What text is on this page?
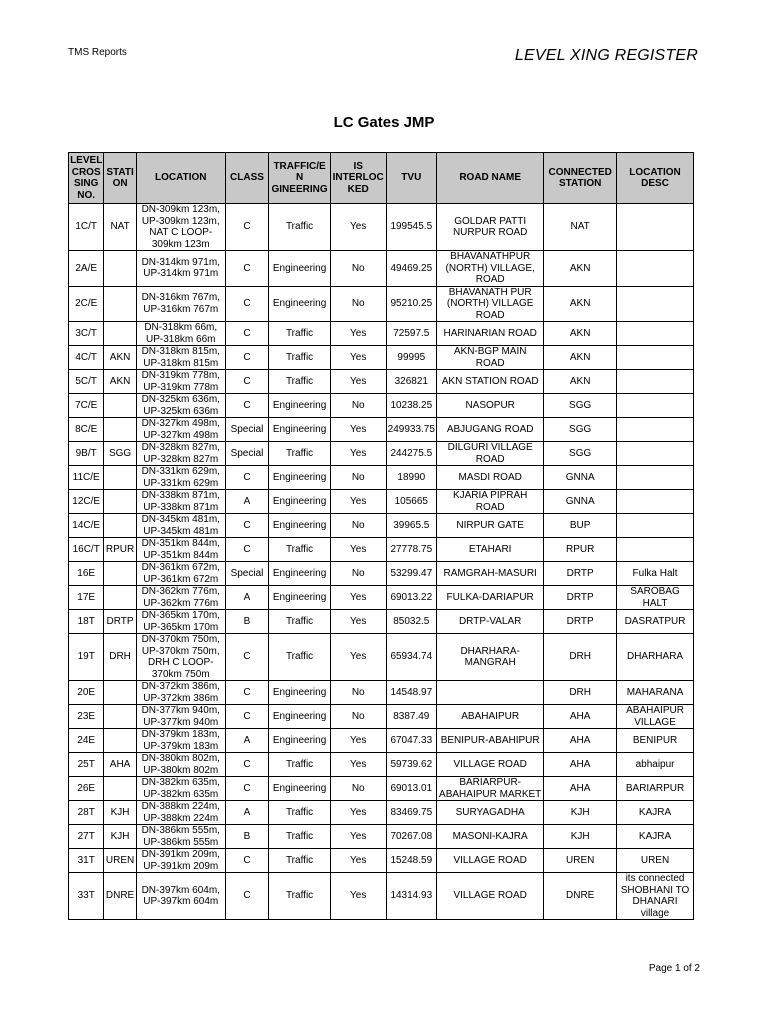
TMS Reports	LEVEL XING REGISTER
LC Gates JMP
LEVEL CROS SING NO.	STATI ON	LOCATION	CLASS	TRAFFIC/EN GINEERING	IS INTERLOC KED	TVU	ROAD NAME	CONNECTED STATION	LOCATION DESC
1C/T	NAT	DN-309km 123m, UP-309km 123m, NAT C LOOP-309km 123m	C	Traffic	Yes	199545.5	GOLDAR PATTI NURPUR ROAD	NAT	
2A/E		DN-314km 971m, UP-314km 971m	C	Engineering	No	49469.25	BHAVANATHPUR (NORTH) VILLAGE, ROAD	AKN	
2C/E		DN-316km 767m, UP-316km 767m	C	Engineering	No	95210.25	BHAVANATH PUR (NORTH) VILLAGE ROAD	AKN	
3C/T		DN-318km 66m, UP-318km 66m	C	Traffic	Yes	72597.5	HARINARIAN ROAD	AKN	
4C/T	AKN	DN-318km 815m, UP-318km 815m	C	Traffic	Yes	99995	AKN-BGP MAIN ROAD	AKN	
5C/T	AKN	DN-319km 778m, UP-319km 778m	C	Traffic	Yes	326821	AKN STATION ROAD	AKN	
7C/E		DN-325km 636m, UP-325km 636m	C	Engineering	No	10238.25	NASOPUR	SGG	
8C/E		DN-327km 498m, UP-327km 498m	Special	Engineering	Yes	249933.75	ABJUGANG ROAD	SGG	
9B/T	SGG	DN-328km 827m, UP-328km 827m	Special	Traffic	Yes	244275.5	DILGURI VILLAGE ROAD	SGG	
11C/E		DN-331km 629m, UP-331km 629m	C	Engineering	No	18990	MASDI ROAD	GNNA	
12C/E		DN-338km 871m, UP-338km 871m	A	Engineering	Yes	105665	KJARIA PIPRAH ROAD	GNNA	
14C/E		DN-345km 481m, UP-345km 481m	C	Engineering	No	39965.5	NIRPUR GATE	BUP	
16C/T	RPUR	DN-351km 844m, UP-351km 844m	C	Traffic	Yes	27778.75	ETAHARI	RPUR	
16E		DN-361km 672m, UP-361km 672m	Special	Engineering	No	53299.47	RAMGRAH-MASURI	DRTP	Fulka Halt
17E		DN-362km 776m, UP-362km 776m	A	Engineering	Yes	69013.22	FULKA-DARIAPUR	DRTP	SAROBAG HALT
18T	DRTP	DN-365km 170m, UP-365km 170m	B	Traffic	Yes	85032.5	DRTP-VALAR	DRTP	DASRATPUR
19T	DRH	DN-370km 750m, UP-370km 750m, DRH C LOOP-370km 750m	C	Traffic	Yes	65934.74	DHARHARA-MANGRAH	DRH	DHARHARA
20E		DN-372km 386m, UP-372km 386m	C	Engineering	No	14548.97		DRH	MAHARANA
23E		DN-377km 940m, UP-377km 940m	C	Engineering	No	8387.49	ABAHAIPUR	AHA	ABAHAIPUR VILLAGE
24E		DN-379km 183m, UP-379km 183m	A	Engineering	Yes	67047.33	BENIPUR-ABAHIPUR	AHA	BENIPUR
25T	AHA	DN-380km 802m, UP-380km 802m	C	Traffic	Yes	59739.62	VILLAGE ROAD	AHA	abhaipur
26E		DN-382km 635m, UP-382km 635m	C	Engineering	No	69013.01	BARIARPUR-ABAHAIPUR MARKET	AHA	BARIARPUR
28T	KJH	DN-388km 224m, UP-388km 224m	A	Traffic	Yes	83469.75	SURYAGADHA	KJH	KAJRA
27T	KJH	DN-386km 555m, UP-386km 555m	B	Traffic	Yes	70267.08	MASONI-KAJRA	KJH	KAJRA
31T	UREN	DN-391km 209m, UP-391km 209m	C	Traffic	Yes	15248.59	VILLAGE ROAD	UREN	UREN
33T	DNRE	DN-397km 604m, UP-397km 604m	C	Traffic	Yes	14314.93	VILLAGE ROAD	DNRE	its connected SHOBHANI TO DHANARI village
Page 1 of 2
